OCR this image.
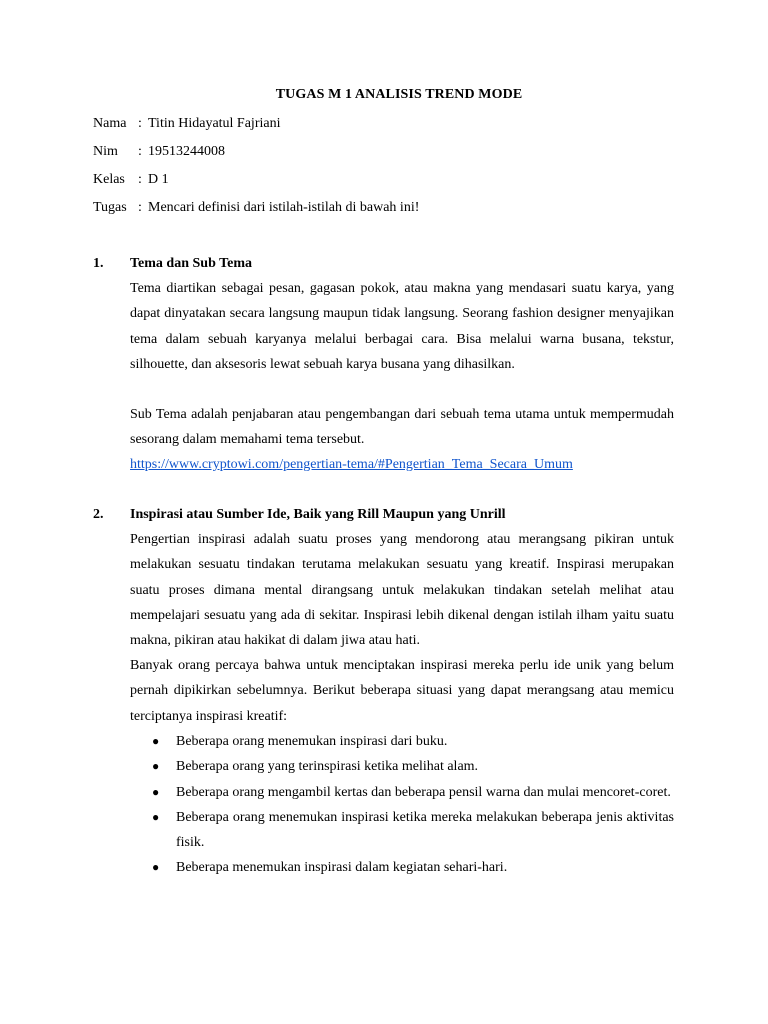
TUGAS M 1 ANALISIS TREND MODE
Nama : Titin Hidayatul Fajriani
Nim : 19513244008
Kelas : D 1
Tugas : Mencari definisi dari istilah-istilah di bawah ini!
1. Tema dan Sub Tema
Tema diartikan sebagai pesan, gagasan pokok, atau makna yang mendasari suatu karya, yang dapat dinyatakan secara langsung maupun tidak langsung. Seorang fashion designer menyajikan tema dalam sebuah karyanya melalui berbagai cara. Bisa melalui warna busana, tekstur, silhouette, dan aksesoris lewat sebuah karya busana yang dihasilkan.
Sub Tema adalah penjabaran atau pengembangan dari sebuah tema utama untuk mempermudah sesorang dalam memahami tema tersebut.
https://www.cryptowi.com/pengertian-tema/#Pengertian_Tema_Secara_Umum
2. Inspirasi atau Sumber Ide, Baik yang Rill Maupun yang Unrill
Pengertian inspirasi adalah suatu proses yang mendorong atau merangsang pikiran untuk melakukan sesuatu tindakan terutama melakukan sesuatu yang kreatif. Inspirasi merupakan suatu proses dimana mental dirangsang untuk melakukan tindakan setelah melihat atau mempelajari sesuatu yang ada di sekitar. Inspirasi lebih dikenal dengan istilah ilham yaitu suatu makna, pikiran atau hakikat di dalam jiwa atau hati.
Banyak orang percaya bahwa untuk menciptakan inspirasi mereka perlu ide unik yang belum pernah dipikirkan sebelumnya. Berikut beberapa situasi yang dapat merangsang atau memicu terciptanya inspirasi kreatif:
● Beberapa orang menemukan inspirasi dari buku.
● Beberapa orang yang terinspirasi ketika melihat alam.
● Beberapa orang mengambil kertas dan beberapa pensil warna dan mulai mencoret-coret.
● Beberapa orang menemukan inspirasi ketika mereka melakukan beberapa jenis aktivitas fisik.
● Beberapa menemukan inspirasi dalam kegiatan sehari-hari.
